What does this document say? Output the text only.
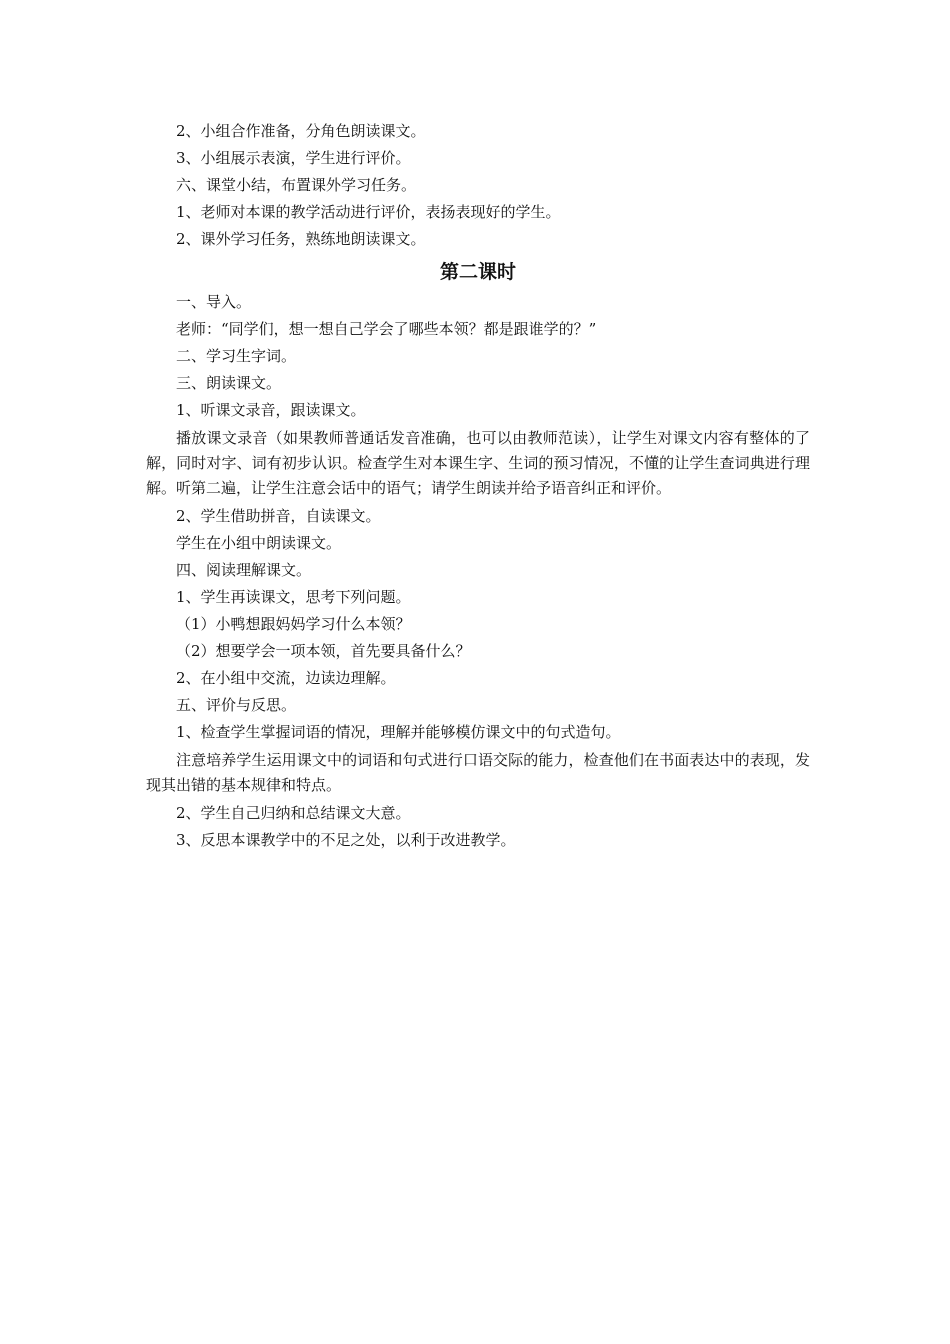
2、小组合作准备，分角色朗读课文。

3、小组展示表演，学生进行评价。

六、课堂小结，布置课外学习任务。

1、老师对本课的教学活动进行评价，表扬表现好的学生。

2、课外学习任务，熟练地朗读课文。

第二课时

一、导入。

老师：“同学们，想一想自己学会了哪些本领？都是跟谁学的？”

二、学习生字词。

三、朗读课文。

1、听课文录音，跟读课文。

播放课文录音（如果教师普通话发音准确，也可以由教师范读），让学生对课文内容有整体的了解，同时对字、词有初步认识。检查学生对本课生字、生词的预习情况，不懂的让学生查词典进行理解。听第二遍，让学生注意会话中的语气；请学生朗读并给予语音纠正和评价。

2、学生借助拼音，自读课文。

学生在小组中朗读课文。

四、阅读理解课文。

1、学生再读课文，思考下列问题。

（1）小鸭想跟妈妈学习什么本领？

（2）想要学会一项本领，首先要具备什么？

2、在小组中交流，边读边理解。

五、评价与反思。

1、检查学生掌握词语的情况，理解并能够模仿课文中的句式造句。

注意培养学生运用课文中的词语和句式进行口语交际的能力，检查他们在书面表达中的表现，发现其出错的基本规律和特点。

2、学生自己归纳和总结课文大意。

3、反思本课教学中的不足之处，以利于改进教学。
